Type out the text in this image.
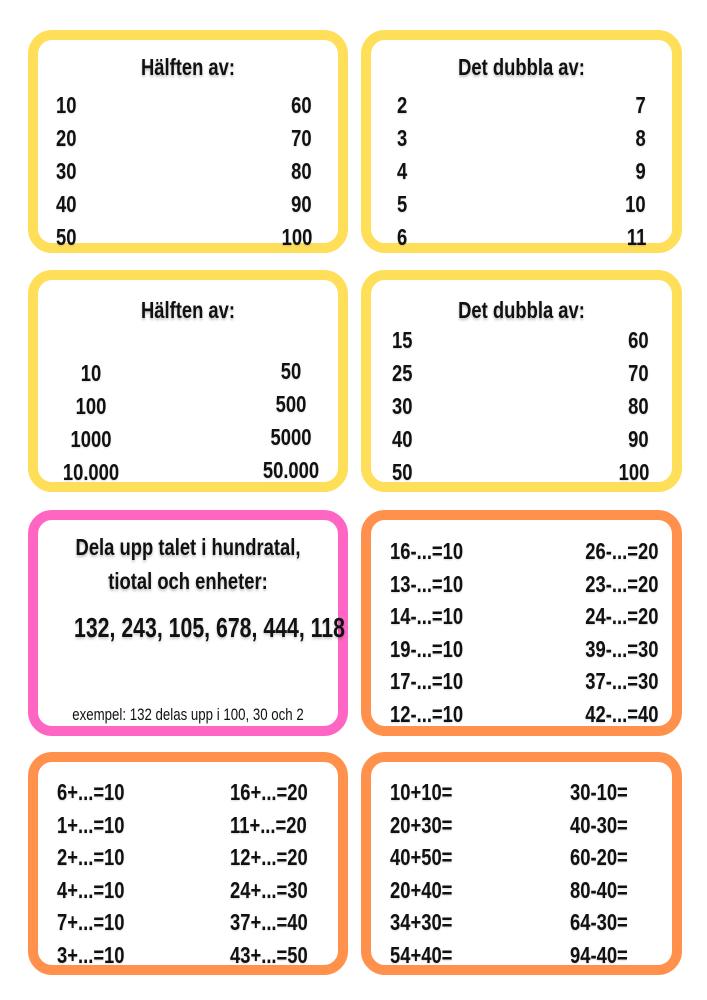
Hälften av:
10
20
30
40
50
60
70
80
90
100
Det dubbla av:
2
3
4
5
6
7
8
9
10
11
Hälften av:
10
100
1000
10.000
50
500
5000
50.000
Det dubbla av:
15
25
30
40
50
60
70
80
90
100
Dela upp talet i hundratal,
tiotal och enheter:
132, 243, 105, 678, 444, 118
exempel: 132 delas upp i 100, 30 och 2
16-...=10
13-...=10
14-...=10
19-...=10
17-...=10
12-...=10
26-...=20
23-...=20
24-...=20
39-...=30
37-...=30
42-...=40
6+...=10
1+...=10
2+...=10
4+...=10
7+...=10
3+...=10
16+...=20
11+...=20
12+...=20
24+...=30
37+...=40
43+...=50
10+10=
20+30=
40+50=
20+40=
34+30=
54+40=
30-10=
40-30=
60-20=
80-40=
64-30=
94-40=
